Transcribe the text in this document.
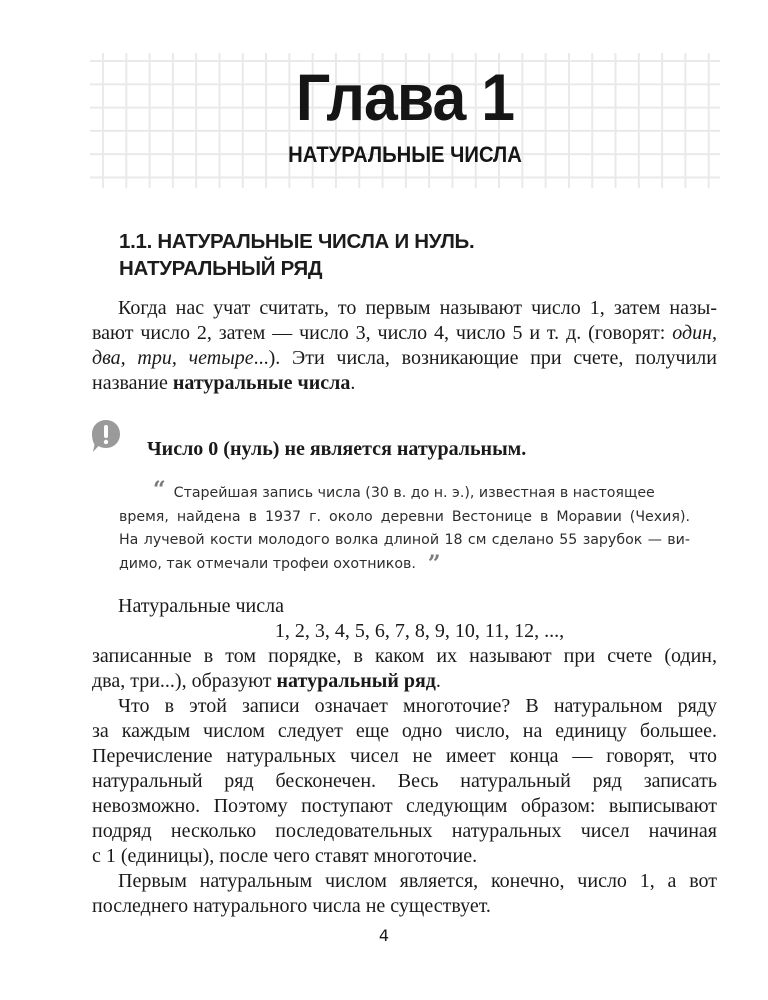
Глава 1
НАТУРАЛЬНЫЕ ЧИСЛА
1.1. НАТУРАЛЬНЫЕ ЧИСЛА И НУЛЬ.
НАТУРАЛЬНЫЙ РЯД
Когда нас учат считать, то первым называют число 1, затем назы-
вают число 2, затем — число 3, число 4, число 5 и т. д. (говорят: один,
два, три, четыре...). Эти числа, возникающие при счете, получили
название натуральные числа.
Число 0 (нуль) не является натуральным.
“ Старейшая запись числа (30 в. до н. э.), известная в настоящее
время, найдена в 1937 г. около деревни Вестонице в Моравии (Чехия).
На лучевой кости молодого волка длиной 18 см сделано 55 зарубок — ви-
димо, так отмечали трофеи охотников. ”
Натуральные числа
1, 2, 3, 4, 5, 6, 7, 8, 9, 10, 11, 12, ...,
записанные в том порядке, в каком их называют при счете (один,
два, три...), образуют натуральный ряд.
Что в этой записи означает многоточие? В натуральном ряду
за каждым числом следует еще одно число, на единицу большее.
Перечисление натуральных чисел не имеет конца — говорят, что
натуральный ряд бесконечен. Весь натуральный ряд записать
невозможно. Поэтому поступают следующим образом: выписывают
подряд несколько последовательных натуральных чисел начиная
с 1 (единицы), после чего ставят многоточие.
Первым натуральным числом является, конечно, число 1, а вот
последнего натурального числа не существует.
4
